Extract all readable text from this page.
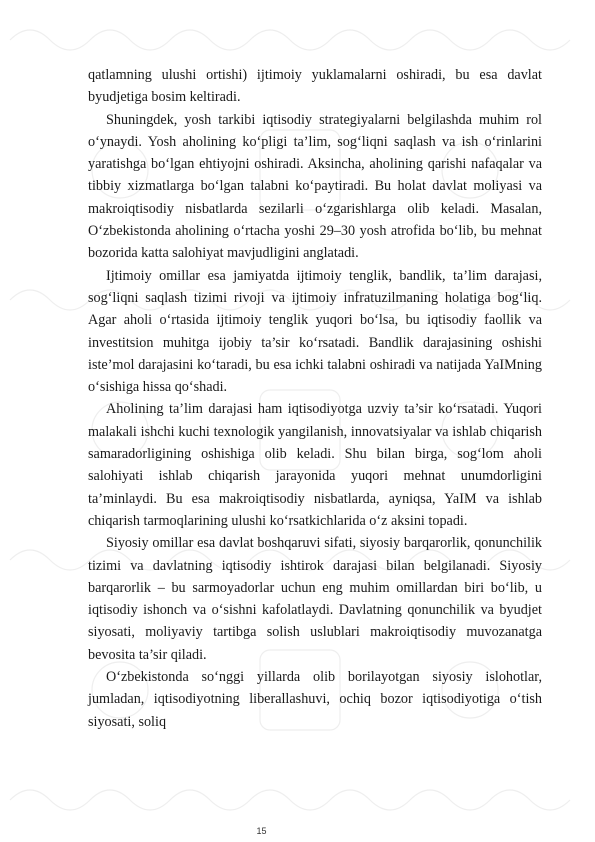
qatlamning ulushi ortishi) ijtimoiy yuklamalarni oshiradi, bu esa davlat byudjetiga bosim keltiradi.

Shuningdek, yosh tarkibi iqtisodiy strategiyalarni belgilashda muhim rol o‘ynaydi. Yosh aholining ko‘pligi ta’lim, sog‘liqni saqlash va ish o‘rinlarini yaratishga bo‘lgan ehtiyojni oshiradi. Aksincha, aholining qarishi nafaqalar va tibbiy xizmatlarga bo‘lgan talabni ko‘paytiradi. Bu holat davlat moliyasi va makroiqtisodiy nisbatlarda sezilarli o‘zgarishlarga olib keladi. Masalan, O‘zbekistonda aholining o‘rtacha yoshi 29–30 yosh atrofida bo‘lib, bu mehnat bozorida katta salohiyat mavjudligini anglatadi.

Ijtimoiy omillar esa jamiyatda ijtimoiy tenglik, bandlik, ta’lim darajasi, sog‘liqni saqlash tizimi rivoji va ijtimoiy infratuzilmaning holatiga bog‘liq. Agar aholi o‘rtasida ijtimoiy tenglik yuqori bo‘lsa, bu iqtisodiy faollik va investitsion muhitga ijobiy ta’sir ko‘rsatadi. Bandlik darajasining oshishi iste’mol darajasini ko‘taradi, bu esa ichki talabni oshiradi va natijada YaIMning o‘sishiga hissa qo‘shadi.

Aholining ta’lim darajasi ham iqtisodiyotga uzviy ta’sir ko‘rsatadi. Yuqori malakali ishchi kuchi texnologik yangilanish, innovatsiyalar va ishlab chiqarish samaradorligining oshishiga olib keladi. Shu bilan birga, sog‘lom aholi salohiyati ishlab chiqarish jarayonida yuqori mehnat unumdorligini ta’minlaydi. Bu esa makroiqtisodiy nisbatlarda, ayniqsa, YaIM va ishlab chiqarish tarmoqlarining ulushi ko‘rsatkichlarida o‘z aksini topadi.

Siyosiy omillar esa davlat boshqaruvi sifati, siyosiy barqarorlik, qonunchilik tizimi va davlatning iqtisodiy ishtirok darajasi bilan belgilanadi. Siyosiy barqarorlik – bu sarmoyadorlar uchun eng muhim omillardan biri bo‘lib, u iqtisodiy ishonch va o‘sishni kafolatlaydi. Davlatning qonunchilik va byudjet siyosati, moliyaviy tartibga solish uslublari makroiqtisodiy muvozanatga bevosita ta’sir qiladi.

O‘zbekistonda so‘nggi yillarda olib borilayotgan siyosiy islohotlar, jumladan, iqtisodiyotning liberallashuvi, ochiq bozor iqtisodiyotiga o‘tish siyosati, soliq

15
